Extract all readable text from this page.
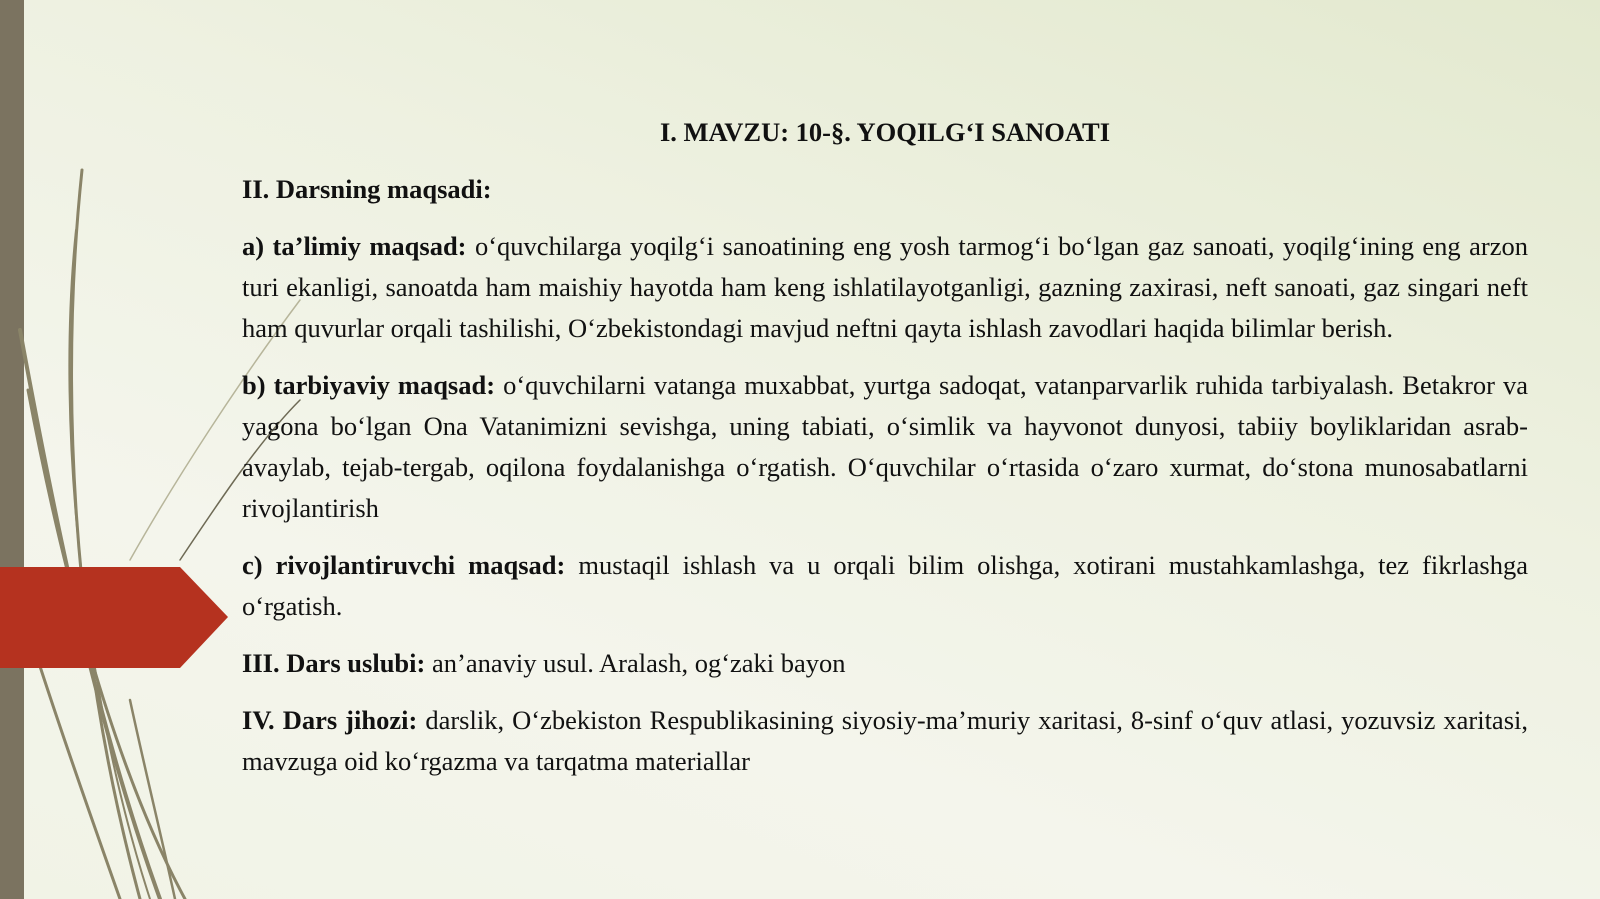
I. MAVZU: 10-§. YOQILG‘I SANOATI
II. Darsning maqsadi:
a) ta’limiy maqsad: o‘quvchilarga yoqilg‘i sanoatining eng yosh tarmog‘i bo‘lgan gaz sanoati, yoqilg‘ining eng arzon turi ekanligi, sanoatda ham maishiy hayotda ham keng ishlatilayotganligi, gazning zaxirasi, neft sanoati, gaz singari neft ham quvurlar orqali tashilishi, O‘zbekistondagi mavjud neftni qayta ishlash zavodlari haqida bilimlar berish.
b) tarbiyaviy maqsad: o‘quvchilarni vatanga muxabbat, yurtga sadoqat, vatanparvarlik ruhida tarbiyalash. Betakror va yagona bo‘lgan Ona Vatanimizni sevishga, uning tabiati, o‘simlik va hayvonot dunyosi, tabiiy boyliklaridan asrab-avaylab, tejab-tergab, oqilona foydalanishga o‘rgatish. O‘quvchilar o‘rtasida o‘zaro xurmat, do‘stona munosabatlarni rivojlantirish
c) rivojlantiruvchi maqsad: mustaqil ishlash va u orqali bilim olishga, xotirani mustahkamlashga, tez fikrlashga o‘rgatish.
III. Dars uslubi: an’anaviy usul. Aralash, og‘zaki bayon
IV. Dars jihozi: darslik, O‘zbekiston Respublikasining siyosiy-ma’muriy xaritasi, 8-sinf o‘quv atlasi, yozuvsiz xaritasi, mavzuga oid ko‘rgazma va tarqatma materiallar
